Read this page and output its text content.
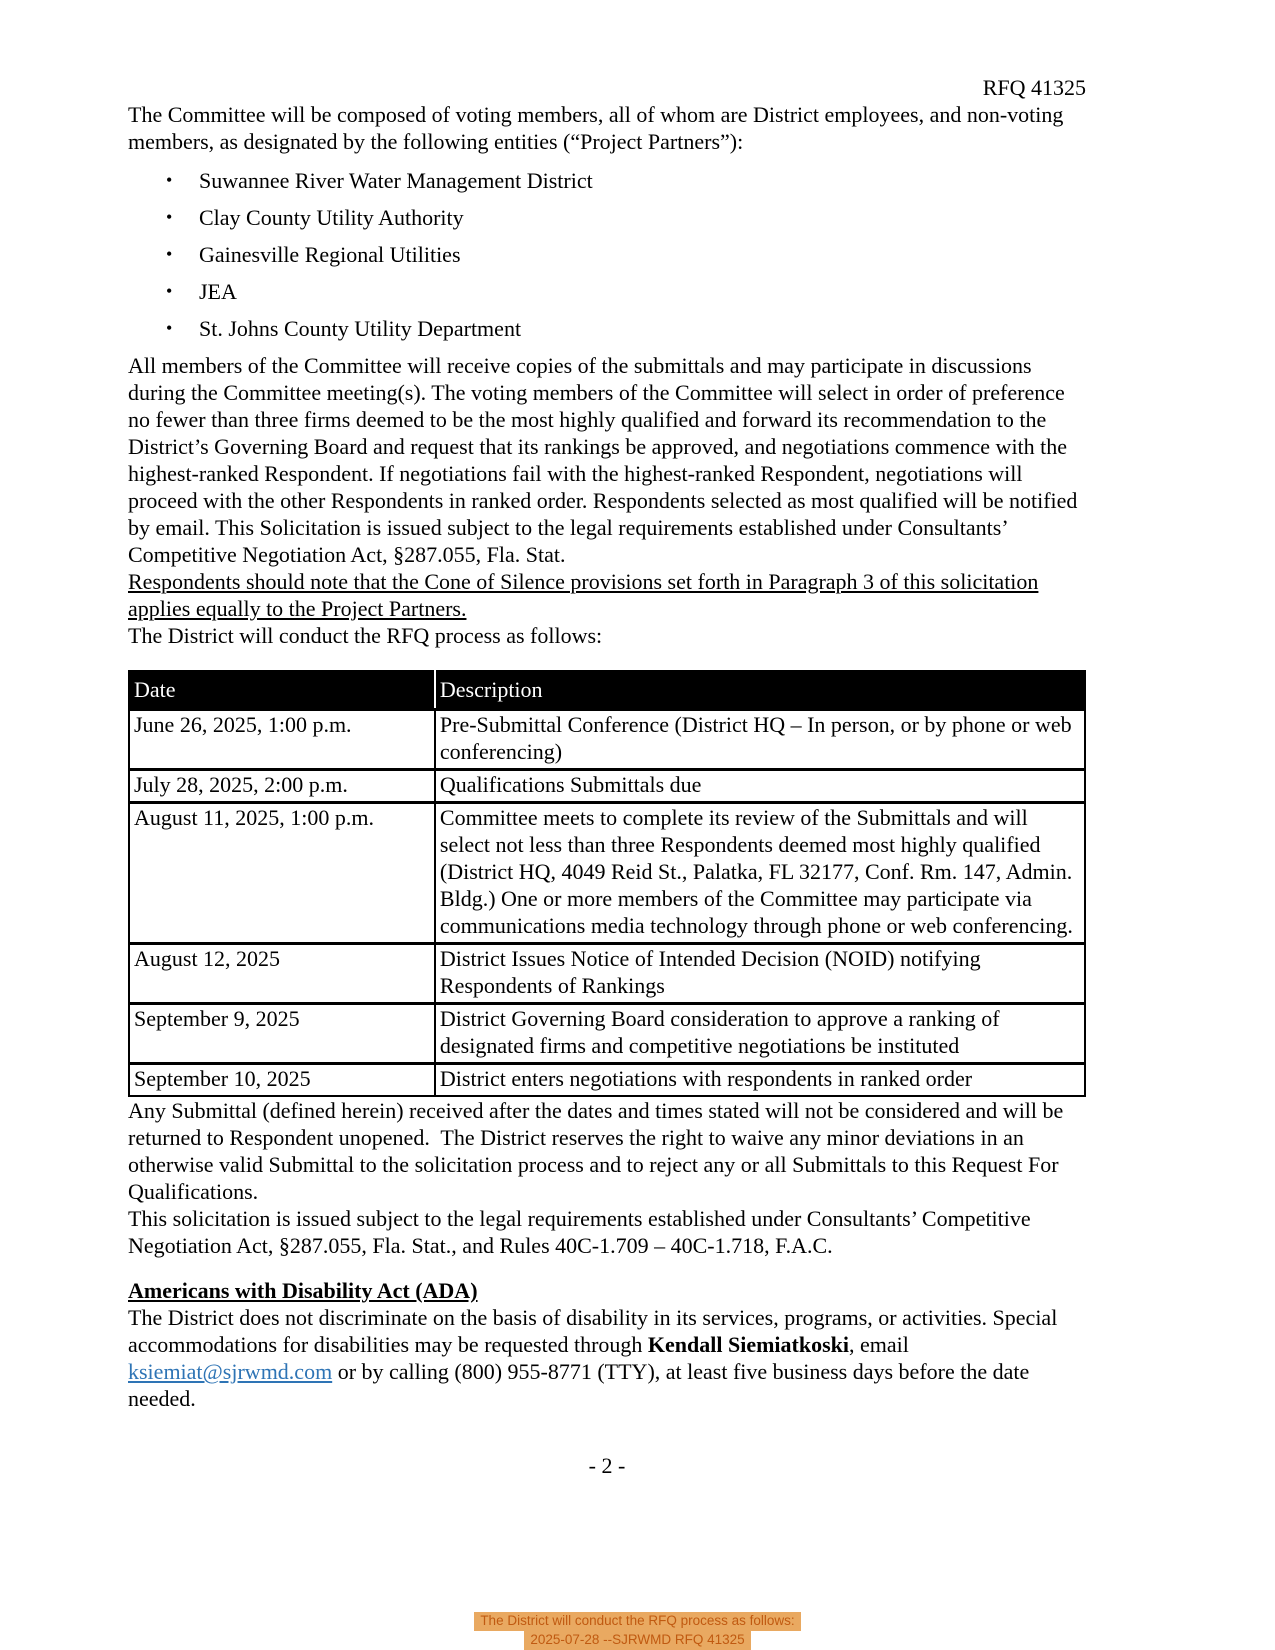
RFQ 41325

The Committee will be composed of voting members, all of whom are District employees, and non-voting members, as designated by the following entities (“Project Partners”):

•
Suwannee River Water Management District
•
Clay County Utility Authority
•
Gainesville Regional Utilities
•
JEA
•
St. Johns County Utility Department

All members of the Committee will receive copies of the submittals and may participate in discussions during the Committee meeting(s). The voting members of the Committee will select in order of preference no fewer than three firms deemed to be the most highly qualified and forward its recommendation to the District’s Governing Board and request that its rankings be approved, and negotiations commence with the highest-ranked Respondent. If negotiations fail with the highest-ranked Respondent, negotiations will proceed with the other Respondents in ranked order. Respondents selected as most qualified will be notified by email. This Solicitation is issued subject to the legal requirements established under Consultants’ Competitive Negotiation Act, §287.055, Fla. Stat.

Respondents should note that the Cone of Silence provisions set forth in Paragraph 3 of this solicitation applies equally to the Project Partners.

The District will conduct the RFQ process as follows:

Date	Description
June 26, 2025, 1:00 p.m.	Pre-Submittal Conference (District HQ – In person, or by phone or web conferencing)
July 28, 2025, 2:00 p.m.	Qualifications Submittals due
August 11, 2025, 1:00 p.m.	Committee meets to complete its review of the Submittals and will select not less than three Respondents deemed most highly qualified (District HQ, 4049 Reid St., Palatka, FL 32177, Conf. Rm. 147, Admin. Bldg.) One or more members of the Committee may participate via communications media technology through phone or web conferencing.
August 12, 2025	District Issues Notice of Intended Decision (NOID) notifying Respondents of Rankings
September 9, 2025	District Governing Board consideration to approve a ranking of designated firms and competitive negotiations be instituted
September 10, 2025	District enters negotiations with respondents in ranked order

Any Submittal (defined herein) received after the dates and times stated will not be considered and will be returned to Respondent unopened.  The District reserves the right to waive any minor deviations in an otherwise valid Submittal to the solicitation process and to reject any or all Submittals to this Request For Qualifications.

This solicitation is issued subject to the legal requirements established under Consultants’ Competitive Negotiation Act, §287.055, Fla. Stat., and Rules 40C-1.709 – 40C-1.718, F.A.C.

Americans with Disability Act (ADA)

The District does not discriminate on the basis of disability in its services, programs, or activities. Special accommodations for disabilities may be requested through Kendall Siemiatkoski, email ksiemiat@sjrwmd.com or by calling (800) 955-8771 (TTY), at least five business days before the date needed.

- 2 -
The District will conduct the RFQ process as follows:
2025-07-28 --SJRWMD RFQ 41325
